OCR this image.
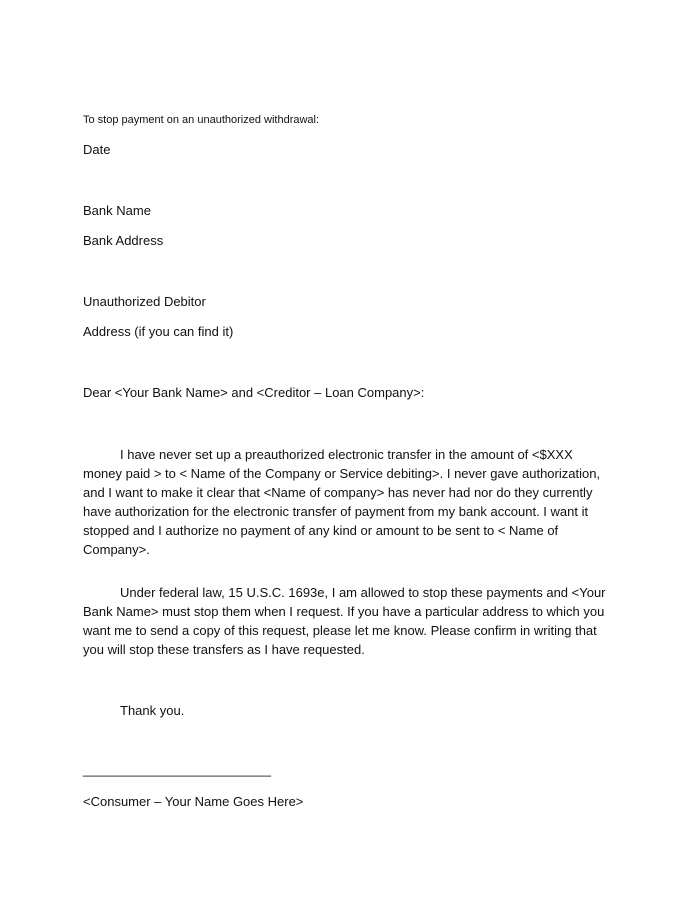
To stop payment on an unauthorized withdrawal:
Date
Bank Name
Bank Address
Unauthorized Debitor
Address (if you can find it)
Dear <Your Bank Name> and <Creditor – Loan Company>:
I have never set up a preauthorized electronic transfer in the amount of <$XXX money paid > to < Name of the Company or Service debiting>. I never gave authorization, and I want to make it clear that <Name of company> has never had nor do they currently have authorization for the electronic transfer of payment from my bank account. I want it stopped and I authorize no payment of any kind or amount to be sent to < Name of Company>.
Under federal law, 15 U.S.C. 1693e, I am allowed to stop these payments and <Your Bank Name> must stop them when I request. If you have a particular address to which you want me to send a copy of this request, please let me know. Please confirm in writing that you will stop these transfers as I have requested.
Thank you.
__________________________
<Consumer – Your Name Goes Here>
